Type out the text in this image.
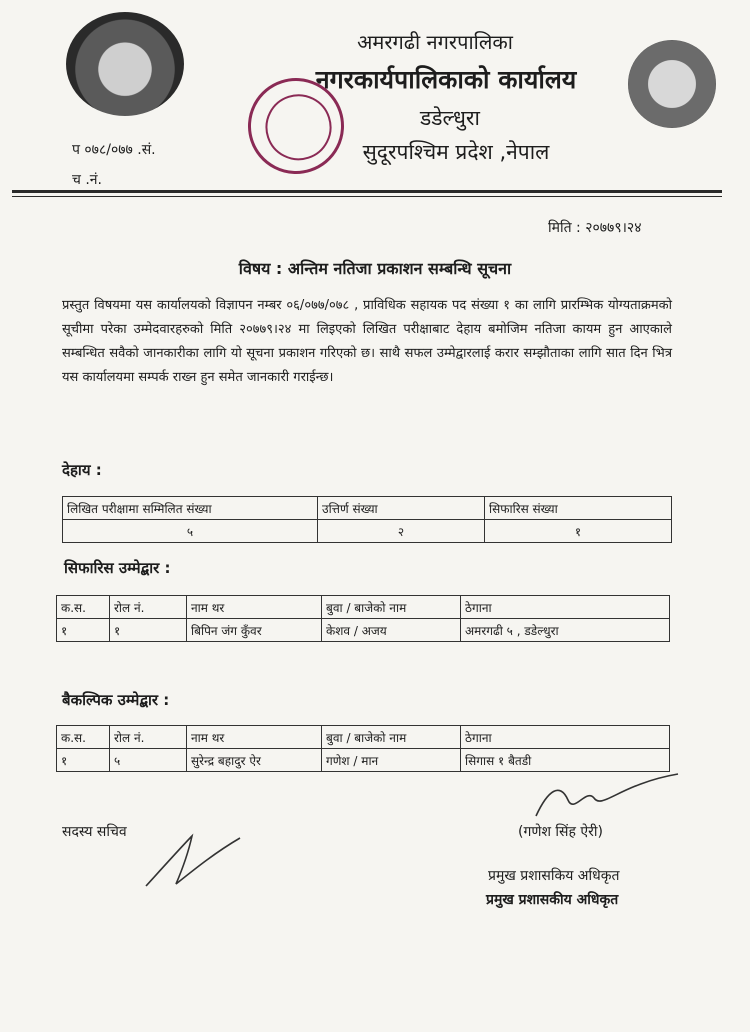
अमरगढी नगरपालिका
नगरकार्यपालिकाको कार्यालय
डडेल्धुरा
सुदूरपश्चिम प्रदेश ,नेपाल
प ०७८/०७७ .सं.
च .नं.
मिति : २०७७९।२४
विषय : अन्तिम नतिजा प्रकाशन सम्बन्धि सूचना
प्रस्तुत विषयमा यस कार्यालयको विज्ञापन नम्बर ०६/०७७/०७८ , प्राविधिक सहायक पद संख्या १ का लागि प्रारम्भिक योग्यताक्रमको सूचीमा परेका उम्मेदवारहरुको मिति २०७७९।२४ मा लिइएको लिखित परीक्षाबाट देहाय बमोजिम नतिजा कायम हुन आएकाले सम्बन्धित सवैको जानकारीका लागि यो सूचना प्रकाशन गरिएको छ। साथै सफल उम्मेद्वारलाई करार सम्झौताका लागि सात दिन भित्र यस कार्यालयमा सम्पर्क राख्न हुन समेत जानकारी गराईन्छ।
देहाय :
लिखित परीक्षामा सम्मिलित संख्या	उत्तिर्ण संख्या	सिफारिस संख्या
५	२	१
सिफारिस उम्मेद्बार :
क.स.	रोल नं.	नाम थर	बुवा / बाजेको नाम	ठेगाना
१	१	बिपिन जंग कुँवर	केशव / अजय	अमरगढी ५ , डडेल्धुरा
बैकल्पिक उम्मेद्बार :
क.स.	रोल नं.	नाम थर	बुवा / बाजेको नाम	ठेगाना
१	५	सुरेन्द्र बहादुर ऐर	गणेश / मान	सिगास १ बैतडी
सदस्य सचिव	(गणेश सिंह ऐरी)
प्रमुख प्रशासकिय अधिकृत
प्रमुख प्रशासकीय अधिकृत
